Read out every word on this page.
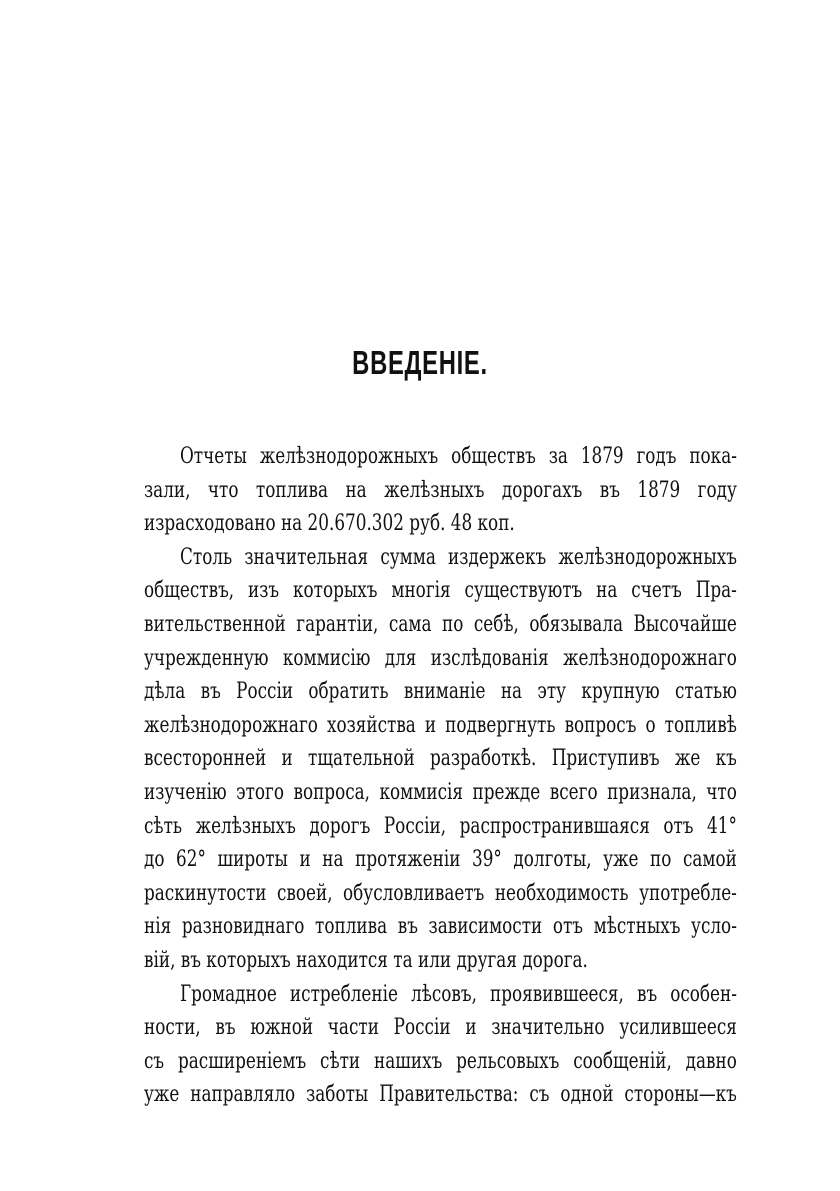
ВВЕДЕНІЕ.
Отчеты желѣзнодорожныхъ обществъ за 1879 годъ пока-
зали, что топлива на желѣзныхъ дорогахъ въ 1879 году
израсходовано на 20.670.302 руб. 48 коп.
Столь значительная сумма издержекъ желѣзнодорожныхъ
обществъ, изъ которыхъ многія существуютъ на счетъ Пра-
вительственной гарантіи, сама по себѣ, обязывала Высочайше
учрежденную коммисію для изслѣдованія желѣзнодорожнаго
дѣла въ Россіи обратить вниманіе на эту крупную статью
желѣзнодорожнаго хозяйства и подвергнуть вопросъ о топливѣ
всесторонней и тщательной разработкѣ. Приступивъ же къ
изученію этого вопроса, коммисія прежде всего признала, что
сѣть желѣзныхъ дорогъ Россіи, распространившаяся отъ 41°
до 62° широты и на протяженіи 39° долготы, уже по самой
раскинутости своей, обусловливаетъ необходимость употребле-
нія разновиднаго топлива въ зависимости отъ мѣстныхъ усло-
вій, въ которыхъ находится та или другая дорога.
Громадное истребленіе лѣсовъ, проявившееся, въ особен-
ности, въ южной части Россіи и значительно усилившееся
съ расширеніемъ сѣти нашихъ рельсовыхъ сообщеній, давно
уже направляло заботы Правительства: съ одной стороны—къ
